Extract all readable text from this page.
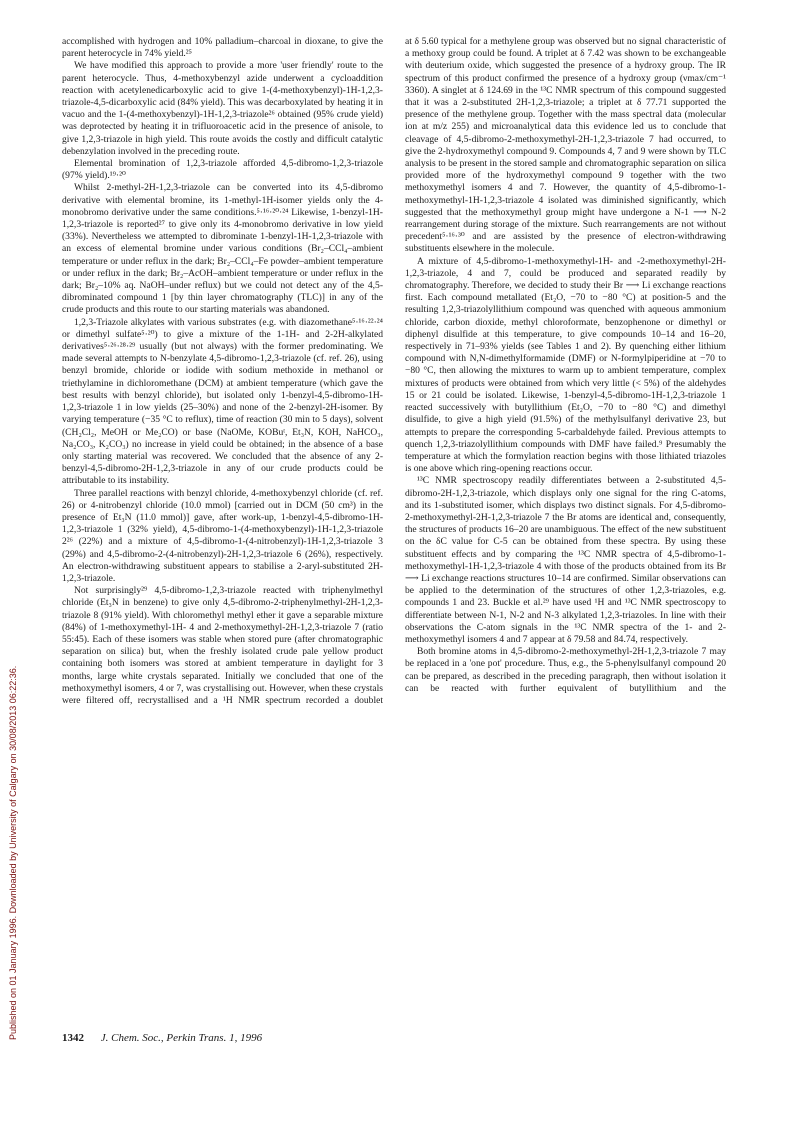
Published on 01 January 1996. Downloaded by University of Calgary on 30/08/2013 06:22:36.

accomplished with hydrogen and 10% palladium–charcoal in dioxane, to give the parent heterocycle in 74% yield.²⁵

We have modified this approach to provide a more 'user friendly' route to the parent heterocycle. Thus, 4-methoxybenzyl azide underwent a cycloaddition reaction with acetylenedicarboxylic acid to give 1-(4-methoxybenzyl)-1H-1,2,3-triazole-4,5-dicarboxylic acid (84% yield). This was decarboxylated by heating it in vacuo and the 1-(4-methoxybenzyl)-1H-1,2,3-triazole²⁶ obtained (95% crude yield) was deprotected by heating it in trifluoroacetic acid in the presence of anisole, to give 1,2,3-triazole in high yield. This route avoids the costly and difficult catalytic debenzylation involved in the preceding route.

Elemental bromination of 1,2,3-triazole afforded 4,5-dibromo-1,2,3-triazole (97% yield).¹⁹·²⁰

Whilst 2-methyl-2H-1,2,3-triazole can be converted into its 4,5-dibromo derivative with elemental bromine, its 1-methyl-1H-isomer yields only the 4-monobromo derivative under the same conditions.⁵·¹⁶·²⁰·²⁴ Likewise, 1-benzyl-1H-1,2,3-triazole is reported²⁷ to give only its 4-monobromo derivative in low yield (33%). Nevertheless we attempted to dibrominate 1-benzyl-1H-1,2,3-triazole with an excess of elemental bromine under various conditions (Br₂–CCl₄–ambient temperature or under reflux in the dark; Br₂–CCl₄–Fe powder–ambient temperature or under reflux in the dark; Br₂–AcOH–ambient temperature or under reflux in the dark; Br₂–10% aq. NaOH–under reflux) but we could not detect any of the 4,5-dibrominated compound 1 [by thin layer chromatography (TLC)] in any of the crude products and this route to our starting materials was abandoned.

1,2,3-Triazole alkylates with various substrates (e.g. with diazomethane⁵·¹⁶·²²·²⁴ or dimethyl sulfate⁵·²⁰) to give a mixture of the 1-1H- and 2-2H-alkylated derivatives⁵·²⁶·²⁸·²⁹ usually (but not always) with the former predominating. We made several attempts to N-benzylate 4,5-dibromo-1,2,3-triazole (cf. ref. 26), using benzyl bromide, chloride or iodide with sodium methoxide in methanol or triethylamine in dichloromethane (DCM) at ambient temperature (which gave the best results with benzyl chloride), but isolated only 1-benzyl-4,5-dibromo-1H-1,2,3-triazole 1 in low yields (25–30%) and none of the 2-benzyl-2H-isomer. By varying temperature (−35 °C to reflux), time of reaction (30 min to 5 days), solvent (CH₂Cl₂, MeOH or Me₂CO) or base (NaOMe, KOBuᵗ, Et₃N, KOH, NaHCO₃, Na₂CO₃, K₂CO₃) no increase in yield could be obtained; in the absence of a base only starting material was recovered. We concluded that the absence of any 2-benzyl-4,5-dibromo-2H-1,2,3-triazole in any of our crude products could be attributable to its instability.

Three parallel reactions with benzyl chloride, 4-methoxybenzyl chloride (cf. ref. 26) or 4-nitrobenzyl chloride (10.0 mmol) [carried out in DCM (50 cm³) in the presence of Et₃N (11.0 mmol)] gave, after work-up, 1-benzyl-4,5-dibromo-1H-1,2,3-triazole 1 (32% yield), 4,5-dibromo-1-(4-methoxybenzyl)-1H-1,2,3-triazole 2²⁶ (22%) and a mixture of 4,5-dibromo-1-(4-nitrobenzyl)-1H-1,2,3-triazole 3 (29%) and 4,5-dibromo-2-(4-nitrobenzyl)-2H-1,2,3-triazole 6 (26%), respectively. An electron-withdrawing substituent appears to stabilise a 2-aryl-substituted 2H-1,2,3-triazole.

Not surprisingly²⁹ 4,5-dibromo-1,2,3-triazole reacted with triphenylmethyl chloride (Et₃N in benzene) to give only 4,5-dibromo-2-triphenylmethyl-2H-1,2,3-triazole 8 (91% yield). With chloromethyl methyl ether it gave a separable mixture (84%) of 1-methoxymethyl-1H- 4 and 2-methoxymethyl-2H-1,2,3-triazole 7 (ratio 55:45). Each of these isomers was stable when stored pure (after chromatographic separation on silica) but, when the freshly isolated crude pale yellow product containing both isomers was stored at ambient temperature in daylight for 3 months, large white crystals separated. Initially we concluded that one of the methoxymethyl isomers, 4 or 7, was crystallising out. However, when these crystals were filtered off, recrystallised and a ¹H NMR spectrum recorded a doublet

at δ 5.60 typical for a methylene group was observed but no signal characteristic of a methoxy group could be found. A triplet at δ 7.42 was shown to be exchangeable with deuterium oxide, which suggested the presence of a hydroxy group. The IR spectrum of this product confirmed the presence of a hydroxy group (νmax/cm⁻¹ 3360). A singlet at δ 124.69 in the ¹³C NMR spectrum of this compound suggested that it was a 2-substituted 2H-1,2,3-triazole; a triplet at δ 77.71 supported the presence of the methylene group. Together with the mass spectral data (molecular ion at m/z 255) and microanalytical data this evidence led us to conclude that cleavage of 4,5-dibromo-2-methoxymethyl-2H-1,2,3-triazole 7 had occurred, to give the 2-hydroxymethyl compound 9. Compounds 4, 7 and 9 were shown by TLC analysis to be present in the stored sample and chromatographic separation on silica provided more of the hydroxymethyl compound 9 together with the two methoxymethyl isomers 4 and 7. However, the quantity of 4,5-dibromo-1-methoxymethyl-1H-1,2,3-triazole 4 isolated was diminished significantly, which suggested that the methoxymethyl group might have undergone a N-1 ⟶ N-2 rearrangement during storage of the mixture. Such rearrangements are not without precedent⁵·¹⁶·³⁰ and are assisted by the presence of electron-withdrawing substituents elsewhere in the molecule.

A mixture of 4,5-dibromo-1-methoxymethyl-1H- and -2-methoxymethyl-2H-1,2,3-triazole, 4 and 7, could be produced and separated readily by chromatography. Therefore, we decided to study their Br ⟶ Li exchange reactions first. Each compound metallated (Et₂O, −70 to −80 °C) at position-5 and the resulting 1,2,3-triazolyllithium compound was quenched with aqueous ammonium chloride, carbon dioxide, methyl chloroformate, benzophenone or dimethyl or diphenyl disulfide at this temperature, to give compounds 10–14 and 16–20, respectively in 71–93% yields (see Tables 1 and 2). By quenching either lithium compound with N,N-dimethylformamide (DMF) or N-formylpiperidine at −70 to −80 °C, then allowing the mixtures to warm up to ambient temperature, complex mixtures of products were obtained from which very little (< 5%) of the aldehydes 15 or 21 could be isolated. Likewise, 1-benzyl-4,5-dibromo-1H-1,2,3-triazole 1 reacted successively with butyllithium (Et₂O, −70 to −80 °C) and dimethyl disulfide, to give a high yield (91.5%) of the methylsulfanyl derivative 23, but attempts to prepare the corresponding 5-carbaldehyde failed. Previous attempts to quench 1,2,3-triazolyllithium compounds with DMF have failed.⁹ Presumably the temperature at which the formylation reaction begins with those lithiated triazoles is one above which ring-opening reactions occur.

¹³C NMR spectroscopy readily differentiates between a 2-substituted 4,5-dibromo-2H-1,2,3-triazole, which displays only one signal for the ring C-atoms, and its 1-substituted isomer, which displays two distinct signals. For 4,5-dibromo-2-methoxymethyl-2H-1,2,3-triazole 7 the Br atoms are identical and, consequently, the structures of products 16–20 are unambiguous. The effect of the new substituent on the δC value for C-5 can be obtained from these spectra. By using these substituent effects and by comparing the ¹³C NMR spectra of 4,5-dibromo-1-methoxymethyl-1H-1,2,3-triazole 4 with those of the products obtained from its Br ⟶ Li exchange reactions structures 10–14 are confirmed. Similar observations can be applied to the determination of the structures of other 1,2,3-triazoles, e.g. compounds 1 and 23. Buckle et al.²⁹ have used ¹H and ¹³C NMR spectroscopy to differentiate between N-1, N-2 and N-3 alkylated 1,2,3-triazoles. In line with their observations the C-atom signals in the ¹³C NMR spectra of the 1- and 2-methoxymethyl isomers 4 and 7 appear at δ 79.58 and 84.74, respectively.

Both bromine atoms in 4,5-dibromo-2-methoxymethyl-2H-1,2,3-triazole 7 may be replaced in a 'one pot' procedure. Thus, e.g., the 5-phenylsulfanyl compound 20 can be prepared, as described in the preceding paragraph, then without isolation it can be reacted with further equivalent of butyllithium and the

1342 J. Chem. Soc., Perkin Trans. 1, 1996
